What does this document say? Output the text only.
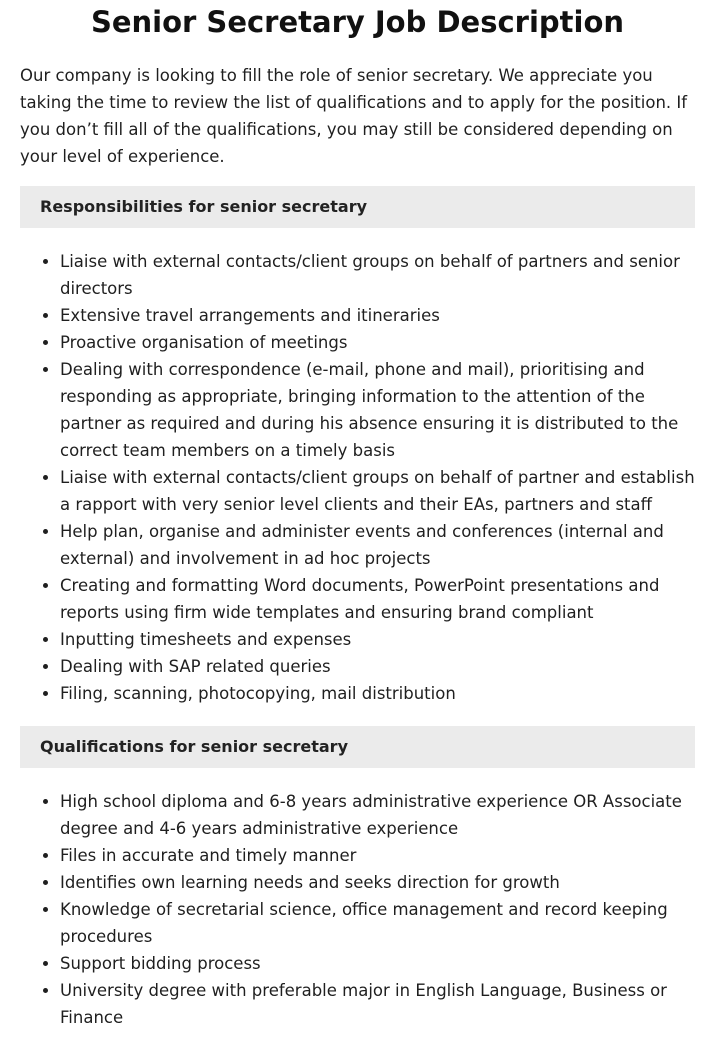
Senior Secretary Job Description

Our company is looking to fill the role of senior secretary. We appreciate you taking the time to review the list of qualifications and to apply for the position. If you don’t fill all of the qualifications, you may still be considered depending on your level of experience.

Responsibilities for senior secretary
• Liaise with external contacts/client groups on behalf of partners and senior directors
• Extensive travel arrangements and itineraries
• Proactive organisation of meetings
• Dealing with correspondence (e-mail, phone and mail), prioritising and responding as appropriate, bringing information to the attention of the partner as required and during his absence ensuring it is distributed to the correct team members on a timely basis
• Liaise with external contacts/client groups on behalf of partner and establish a rapport with very senior level clients and their EAs, partners and staff
• Help plan, organise and administer events and conferences (internal and external) and involvement in ad hoc projects
• Creating and formatting Word documents, PowerPoint presentations and reports using firm wide templates and ensuring brand compliant
• Inputting timesheets and expenses
• Dealing with SAP related queries
• Filing, scanning, photocopying, mail distribution
Qualifications for senior secretary
• High school diploma and 6-8 years administrative experience OR Associate degree and 4-6 years administrative experience
• Files in accurate and timely manner
• Identifies own learning needs and seeks direction for growth
• Knowledge of secretarial science, office management and record keeping procedures
• Support bidding process
• University degree with preferable major in English Language, Business or Finance
